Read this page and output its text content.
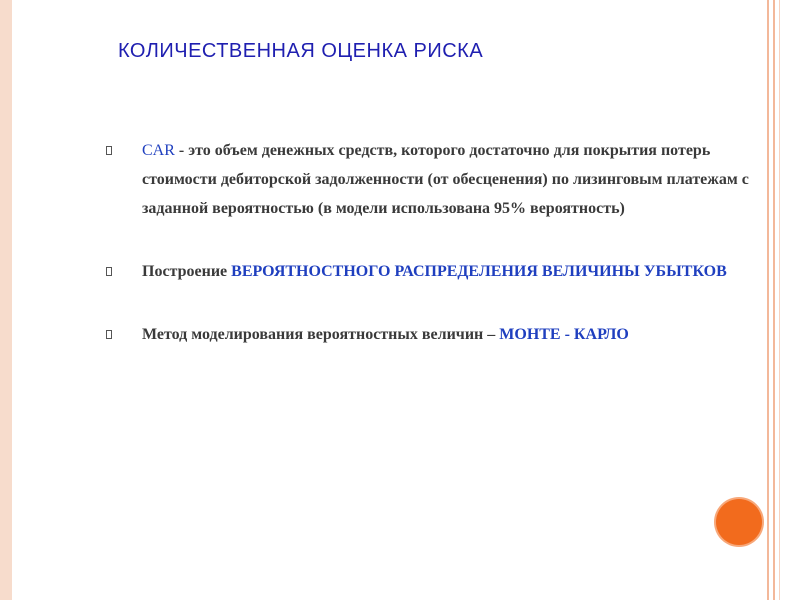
КОЛИЧЕСТВЕННАЯ ОЦЕНКА РИСКА
CAR - это объем денежных средств, которого достаточно для покрытия потерь стоимости дебиторской задолженности (от обесценения) по лизинговым платежам с заданной вероятностью (в модели использована 95% вероятность)
Построение ВЕРОЯТНОСТНОГО РАСПРЕДЕЛЕНИЯ ВЕЛИЧИНЫ УБЫТКОВ
Метод моделирования вероятностных величин – МОНТЕ - КАРЛО
